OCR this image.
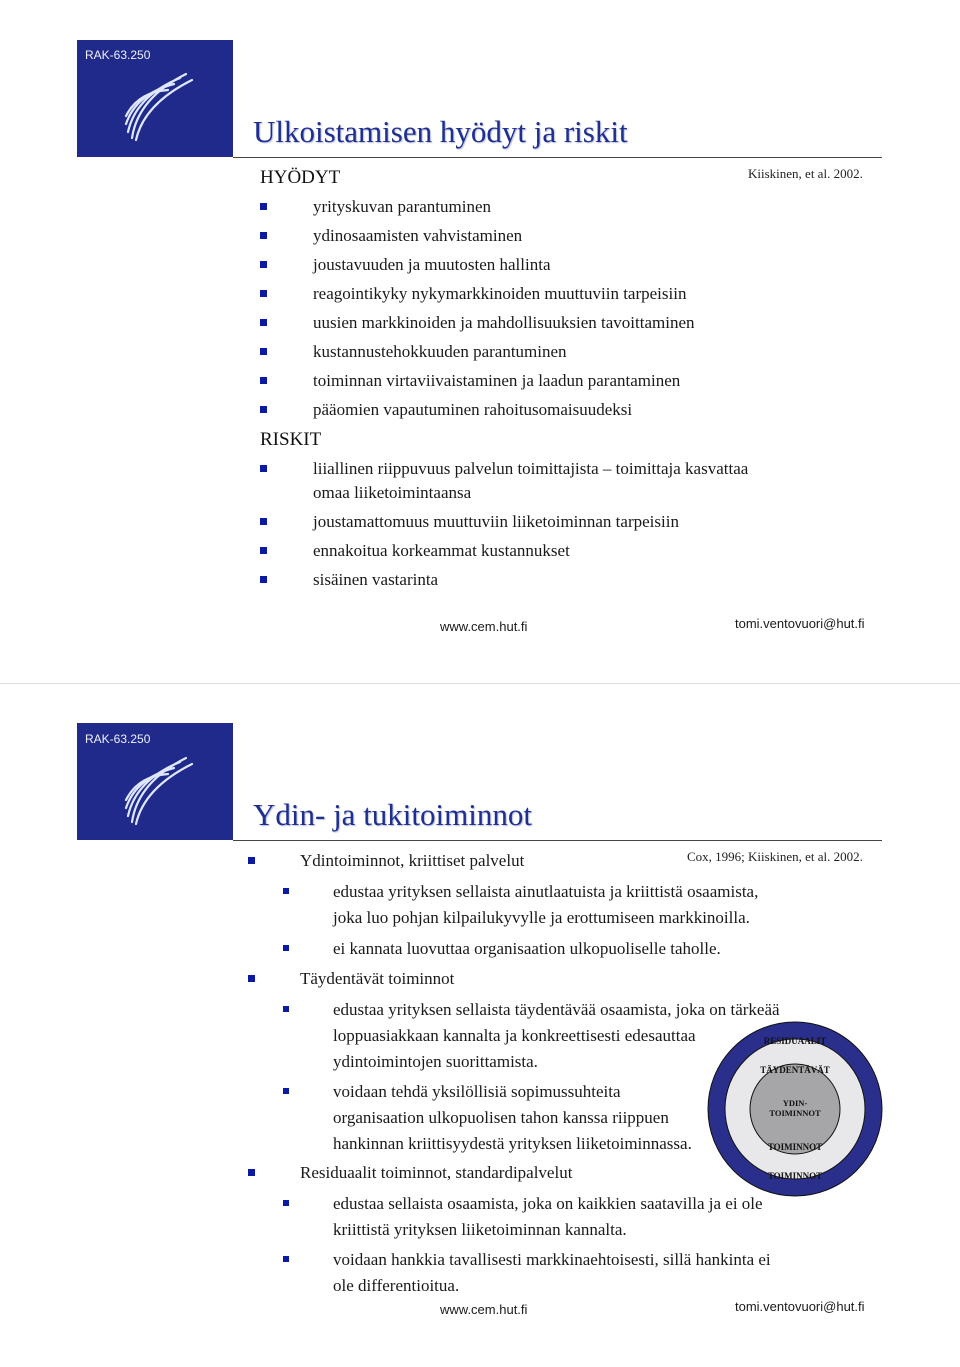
RAK-63.250
Ulkoistamisen hyödyt ja riskit
Kiiskinen, et al. 2002.
HYÖDYT
yrityskuvan parantuminen
ydinosaamisten vahvistaminen
joustavuuden ja muutosten hallinta
reagointikyky nykymarkkinoiden muuttuviin tarpeisiin
uusien markkinoiden ja mahdollisuuksien tavoittaminen
kustannustehokkuuden parantuminen
toiminnan virtaviivaistaminen ja laadun parantaminen
pääomien vapautuminen rahoitusomaisuudeksi
RISKIT
liiallinen riippuvuus palvelun toimittajista – toimittaja kasvattaa
omaa liiketoimintaansa
joustamattomuus muuttuviin liiketoiminnan tarpeisiin
ennakoitua korkeammat kustannukset
sisäinen vastarinta
www.cem.hut.fi	tomi.ventovuori@hut.fi
RAK-63.250
Ydin- ja tukitoiminnot
Cox, 1996; Kiiskinen, et al. 2002.
Ydintoiminnot, kriittiset palvelut
edustaa yrityksen sellaista ainutlaatuista ja kriittistä osaamista,
joka luo pohjan kilpailukyvylle ja erottumiseen markkinoilla.
ei kannata luovuttaa organisaation ulkopuoliselle taholle.
Täydentävät toiminnot
edustaa yrityksen sellaista täydentävää osaamista, joka on tärkeää
loppuasiakkaan kannalta ja konkreettisesti edesauttaa
ydintoimintojen suorittamista.
voidaan tehdä yksilöllisiä sopimussuhteita
organisaation ulkopuolisen tahon kanssa riippuen
hankinnan kriittisyydestä yrityksen liiketoiminnassa.
Residuaalit toiminnot, standardipalvelut
edustaa sellaista osaamista, joka on kaikkien saatavilla ja ei ole
kriittistä yrityksen liiketoiminnan kannalta.
voidaan hankkia tavallisesti markkinaehtoisesti, sillä hankinta ei
ole differentioitua.
RESIDUAALIT
TÄYDENTÄVÄT
YDIN-
TOIMINNOT
TOIMINNOT
TOIMINNOT
www.cem.hut.fi	tomi.ventovuori@hut.fi
